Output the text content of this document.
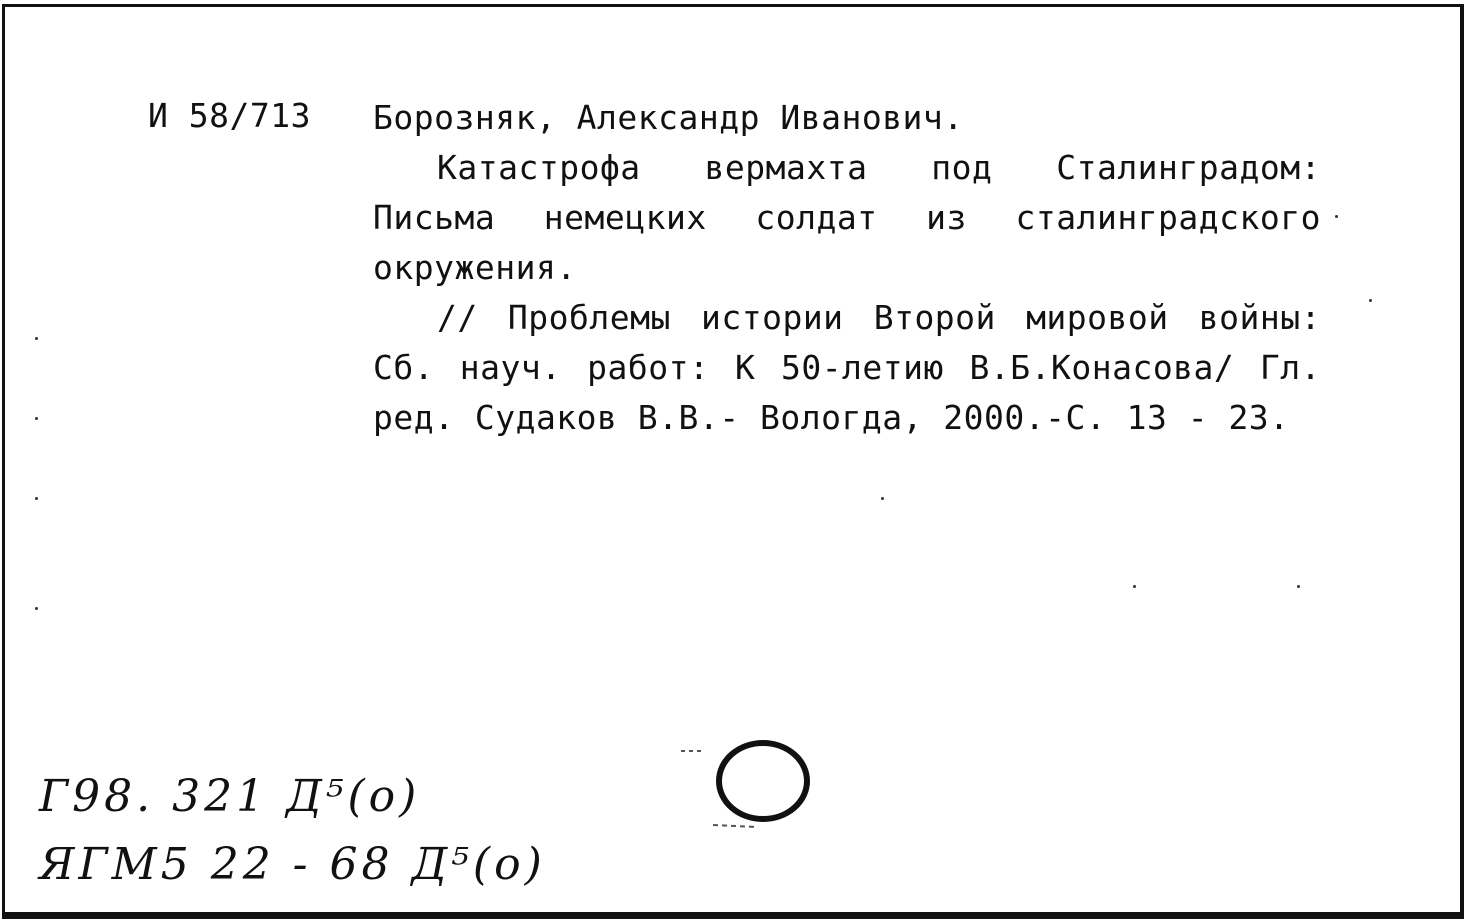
И 58/713 Борозняк, Александр Иванович.
Катастрофа вермахта под Сталинградом:
Письма немецких солдат из сталинградского
окружения.
// Проблемы истории Второй мировой войны:
Сб. науч. работ: К 50-летию В.Б.Конасова/ Гл.
ред. Судаков В.В.- Вологда, 2000.-С. 13 - 23.
Г98. 321 Д⁵(о)
ЯГМ5 22 - 68 Д⁵(о)
